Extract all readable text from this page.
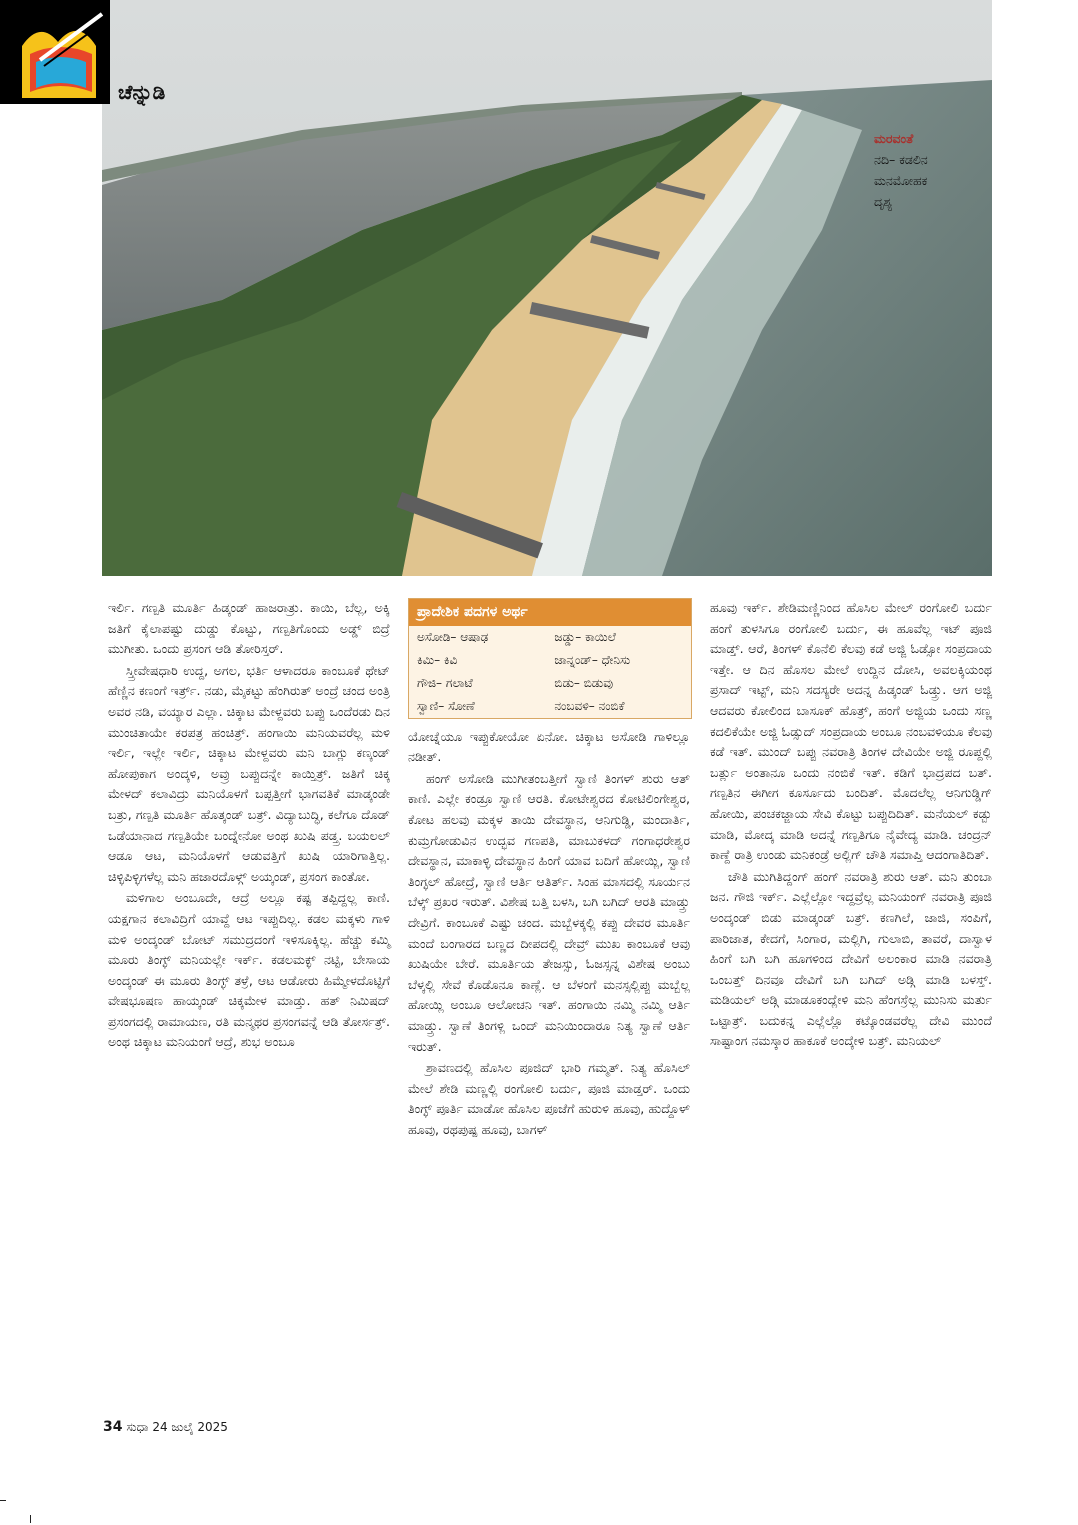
ಚೆನ್ನುಡಿ
ಮರವಂತೆ
ನದಿ– ಕಡಲಿನ
ಮನಮೋಹಕ
ದೃಶ್ಯ

ಇರ್ಲಿ. ಗಣ್ಪತಿ ಮೂರ್ತಿ ಹಿಡ್ಕಂಡ್ ಹಾಜರಾತ್ರು. ಕಾಯಿ, ಬೆಲ್ಲ, ಅಕ್ಕಿ ಜತಿಗೆ ಕೈಲಾಪಷ್ಟು ದುಡ್ಡು ಕೊಟ್ಟು, ಗಣ್ಪತಿಗೊಂದು ಅಡ್ಡ್ ಬಿದ್ರೆ ಮುಗೀತು. ಒಂದು ಪ್ರಸಂಗ ಆಡಿ ತೋರಿಸ್ತರ್.

ಸ್ತ್ರೀವೇಷಧಾರಿ ಉದ್ದ, ಅಗಲ, ಭರ್ತಿ ಆಳಾದರೂ ಕಾಂಬೂಕೆ ಥೇಟ್ ಹೆಣ್ಣಿನ ಕಣಂಗೆ ಇರ್ತ್ರ್. ನಡು, ಮೈಕಟ್ಟು ಹೆಂಗಿರುತ್ ಅಂದ್ರೆ ಚಂದ ಅಂತ್ರಿ ಅವರ ನಡಿ, ವಯ್ಯಾರ ಎಲ್ಲಾ. ಚಿಕ್ಕಾಟ ಮೇಳ್ದವರು ಬಪ್ಪು ಒಂದೆರಡು ದಿನ ಮುಂಚಿತಾಯೇ ಕರಪತ್ರ ಹಂಚಿತ್ರ್. ಹಂಗಾಯಿ ಮನಿಯವರೆಲ್ಲ ಮಳಿ ಇರ್ಲಿ, ಇಲ್ಲೇ ಇರ್ಲಿ, ಚಿಕ್ಕಾಟ ಮೇಳ್ದವರು ಮನಿ ಬಾಗ್ಲು ಕಣ್ಕಂಡ್ ಹೋಪುಕಾಗ ಅಂದ್ಕಳಿ, ಅವ್ರು ಬಪ್ಪುದನ್ನೇ ಕಾಯ್ತಿತ್ರ್. ಜತಿಗೆ ಚಿಕ್ಕ ಮೇಳದ್ ಕಲಾವಿದ್ರು ಮನಿಯೊಳಗೆ ಬಪ್ಪತ್ತೀಗೆ ಭಾಗವತಿಕೆ ಮಾಡ್ಕಂಡೇ ಬತ್ರು, ಗಣ್ಪತಿ ಮೂರ್ತಿ ಹೊತ್ಕಂಡ್ ಬತ್ರ್. ವಿದ್ಯಾಬುದ್ಧಿ, ಕಲೆಗೂ ದೊಡ್ ಒಡೆಯಾನಾದ ಗಣ್ಪತಿಯೇ ಬಂದ್ನೇನೋ ಅಂಥ ಖುಷಿ ಪಡ್ತ್ರ. ಬಯಲಲ್ ಆಡೂ ಆಟ, ಮನಿಯೊಳಗೆ ಆಡುವತ್ತಿಗೆ ಖುಷಿ ಯಾರಿಗಾತ್ತಿಲ್ಲ. ಚಿಳ್ಳಿಪಿಳ್ಳಿಗಳೆಲ್ಲ ಮನಿ ಹಜಾರದೊಳ್ಗ್ ಅಯ್ಕಂಡ್, ಪ್ರಸಂಗ ಕಾಂತೋ.

ಮಳಿಗಾಲ ಅಂಬೂದೇ, ಆದ್ರೆ ಅಲ್ಲೂ ಕಷ್ಟ ತಪ್ಪಿದ್ದಲ್ಲ ಕಾಣಿ. ಯಕ್ಷಗಾನ ಕಲಾವಿದ್ರಿಗೆ ಯಾವ್ದೆ ಆಟ ಇಪ್ಪುದಿಲ್ಲ. ಕಡಲ ಮಕ್ಕಳು ಗಾಳಿ ಮಳಿ ಅಂದ್ಕಂಡ್ ಬೋಟ್ ಸಮುದ್ರದಂಗೆ ಇಳಿಸೂಕ್ಕಿಲ್ಲ. ಹೆಚ್ಚು ಕಮ್ಮಿ ಮೂರು ತಿಂಗ್ಳ್ ಮನಿಯಲ್ಲೇ ಇರ್ಕ್. ಕಡಲಮಕ್ಳ್ ನಟ್ಟಿ, ಬೇಸಾಯ ಅಂದ್ಕಂಡ್ ಈ ಮೂರು ತಿಂಗ್ಳ್ ತಳ್ರೆ, ಆಟ ಆಡೋರು ಹಿಮ್ಮೇಳದೊಟ್ಟಿಗೆ ವೇಷಭೂಷಣ ಹಾಯ್ಕಂಡ್ ಚಿಕ್ಕಮೇಳ ಮಾಡ್ತು. ಹತ್ ನಿಮಿಷದ್ ಪ್ರಸಂಗದಲ್ಲಿ ರಾಮಾಯಣ, ರತಿ ಮನ್ಮಥರ ಪ್ರಸಂಗವನ್ನೆ ಆಡಿ ತೋರ್ಸತ್ರ್. ಅಂಥ ಚಿಕ್ಕಾಟ ಮನಿಯಂಗೆ ಆದ್ರೆ, ಶುಭ ಅಂಬೂ

ಪ್ರಾದೇಶಿಕ ಪದಗಳ ಅರ್ಥ
ಅಸೋಡಿ– ಆಷಾಢ	ಜಡ್ಡು– ಕಾಯಿಲೆ
ಕಿಮಿ– ಕಿವಿ	ಜಾನ್ನಂಡ್– ಧೇನಿಸು
ಗೌಜಿ– ಗಲಾಟೆ	ಬಿಡು– ಬಿಡುವು
ಸ್ವಾಣಿ– ಸೋಣೆ	ನಂಬವಳಿ– ನಂಬಿಕೆ

ಯೋಚ್ನೆಯೂ ಇಪ್ಪುಕೋಯೋ ಏನೋ. ಚಿಕ್ಕಾಟ ಅಸೋಡಿ ಗಾಳಿಲ್ಲೂ ನಡೀತ್.

ಹಂಗ್ ಅಸೋಡಿ ಮುಗೀತಂಬತ್ತೀಗೆ ಸ್ವಾಣಿ ತಿಂಗಳ್ ಶುರು ಆತ್ ಕಾಣಿ. ಎಲ್ಲೇ ಕಂಡ್ರೂ ಸ್ವಾಣಿ ಆರತಿ. ಕೋಟೇಶ್ವರದ ಕೋಟಿಲಿಂಗೇಶ್ವರ, ಕೋಟ ಹಲವು ಮಕ್ಕಳ ತಾಯಿ ದೇವಸ್ಥಾನ, ಆನಿಗುಡ್ಡಿ, ಮಂದಾರ್ತಿ, ಕುಮ್ರಗೋಡುವಿನ ಉದ್ಭವ ಗಣಪತಿ, ಮಾಬುಕಳದ್ ಗಂಗಾಧರೇಶ್ವರ ದೇವಸ್ಥಾನ, ಮಾಕಾಳ್ಳಿ ದೇವಸ್ಥಾನ ಹಿಂಗೆ ಯಾವ ಬದಿಗೆ ಹೋಯ್ಲಿ, ಸ್ವಾಣಿ ತಿಂಗ್ಳಲ್ ಹೋದ್ರೆ, ಸ್ವಾಣಿ ಆರ್ತಿ ಆತಿರ್ತ್. ಸಿಂಹ ಮಾಸದಲ್ಲಿ ಸೂರ್ಯನ ಬೆಳ್ಕ್ ಪ್ರಖರ ಇರುತ್. ವಿಶೇಷ ಬತ್ತಿ ಬಳಸಿ, ಬಗಿ ಬಗಿದ್ ಆರತಿ ಮಾಡ್ತ್ರು ದೇವ್ರಿಗೆ. ಕಾಂಬೂಕೆ ಎಷ್ಟು ಚಂದ. ಮಬ್ಬೆಳಕ್ಕಲ್ಲಿ ಕಪ್ಪು ದೇವರ ಮೂರ್ತಿ ಮಂದೆ ಬಂಗಾರದ ಬಣ್ಣದ ದೀಪದಲ್ಲಿ ದೇವ್ರ್ ಮುಖ ಕಾಂಬೂಕೆ ಆವು ಖುಷಿಯೇ ಬೇರೆ. ಮೂರ್ತಿಯ ತೇಜಸ್ಸು, ಓಜಸ್ಸನ್ನ ವಿಶೇಷ ಅಂಬು ಬೆಳ್ಕಲ್ಲಿ ಸೇವೆ ಕೊಡೊನೂ ಕಾಣ್ಲೆ. ಆ ಬೆಳಂಗೆ ಮನಸ್ಸಲ್ಲಿಪ್ಪು ಮಬ್ಬೆಲ್ಲ ಹೋಯ್ಲಿ ಅಂಬೂ ಆಲೋಚನಿ ಇತ್. ಹಂಗಾಯಿ ನಮ್ಮಿ ನಮ್ಮಿ ಆರ್ತಿ ಮಾಡ್ತ್ರು. ಸ್ವಾಣೆ ತಿಂಗಳ್ಲಿ ಒಂದ್ ಮನಿಯಿಂದಾರೂ ನಿತ್ಯ ಸ್ವಾಣೆ ಆರ್ತಿ ಇರುತ್.

ಶ್ರಾವಣದಲ್ಲಿ ಹೊಸಿಲ ಪೂಜಿದ್ ಭಾರಿ ಗಮ್ಮತ್. ನಿತ್ಯ ಹೊಸಿಲ್ ಮೇಲೆ ಶೇಡಿ ಮಣ್ಣಲ್ಲಿ ರಂಗೋಲಿ ಬರ್ದು, ಪೂಜಿ ಮಾಡ್ತರ್. ಒಂದು ತಿಂಗ್ಳ್ ಪೂರ್ತಿ ಮಾಡೋ ಹೊಸಿಲ ಪೂಜೆಗೆ ಹುರುಳಿ ಹೂವು, ಹುದ್ದೊಳ್ ಹೂವು, ರಥಪುಷ್ಪ ಹೂವು, ಬಾಗಳ್

ಹೂವು ಇರ್ಕ್. ಶೇಡಿಮಣ್ಣಿನಿಂದ ಹೊಸಿಲ ಮೇಲ್ ರಂಗೋಲಿ ಬರ್ದು ಹಂಗೆ ತುಳಸಿಗೂ ರಂಗೋಲಿ ಬರ್ದು, ಈ ಹೂವೆಲ್ಲ ಇಟ್ ಪೂಜಿ ಮಾಡ್ತ್. ಆರೆ, ತಿಂಗಳ್ ಕೊನೆಲಿ ಕೆಲವು ಕಡೆ ಅಜ್ಜಿ ಓಡ್ಸೋ ಸಂಪ್ರದಾಯ ಇತ್ತೇ. ಆ ದಿನ ಹೊಸಲ ಮೇಲೆ ಉದ್ದಿನ ದೋಸಿ, ಅವಲಕ್ಕಿಯಂಥ ಪ್ರಸಾದ್ ಇಟ್ಟ್, ಮನಿ ಸದಸ್ಯರೇ ಅದನ್ನ ಹಿಡ್ಕಂಡ್ ಓಡ್ತ್ರು. ಆಗ ಅಜ್ಜಿ ಆದವರು ಕೋಲಿಂದ ಬಾಸೂಕ್ ಹೊತ್ರ್, ಹಂಗೆ ಅಜ್ಜಿಯ ಒಂದು ಸಣ್ಣ ಕದಲಿಕೆಯೇ ಅಜ್ಜಿ ಓಡ್ಸುದ್ ಸಂಪ್ರದಾಯ ಅಂಬೂ ನಂಬವಳಿಯೂ ಕೆಲವು ಕಡೆ ಇತ್. ಮುಂದ್ ಬಪ್ಪು ನವರಾತ್ರಿ ತಿಂಗಳ ದೇವಿಯೇ ಅಜ್ಜಿ ರೂಪ್ದಲ್ಲಿ ಬರ್ತ್ಲು ಅಂತಾನೂ ಒಂದು ನಂಬಿಕೆ ಇತ್. ಕಡಿಗೆ ಭಾದ್ರಪದ ಬತ್. ಗಣ್ಪತಿನ ಈಗೀಗ ಕೂರ್ಸೂದು ಬಂದಿತ್. ಮೊದಲೆಲ್ಲ ಆನಿಗುಡ್ಡಿಗ್ ಹೋಯಿ, ಪಂಚಕಜ್ಜಾಯ ಸೇವಿ ಕೊಟ್ಟು ಬಪ್ಪುದಿದಿತ್. ಮನೆಯಲ್ ಕಡ್ಬು ಮಾಡಿ, ಮೋದ್ಕ ಮಾಡಿ ಅದನ್ನೆ ಗಣ್ಪತಿಗೂ ನೈವೇದ್ಯ ಮಾಡಿ. ಚಂದ್ರನ್ ಕಾಣ್ದೆ ರಾತ್ರಿ ಉಂಡು ಮನಿಕಂಡ್ರೆ ಅಲ್ಲಿಗ್ ಚೌತಿ ಸಮಾಪ್ತಿ ಆದಂಗಾತಿದಿತ್.

ಚೌತಿ ಮುಗಿತಿದ್ದಂಗ್ ಹಂಗ್ ನವರಾತ್ರಿ ಶುರು ಆತ್. ಮನಿ ತುಂಬಾ ಜನ. ಗೌಜಿ ಇರ್ಕ್. ಎಲ್ಲೆಲ್ಲೋ ಇದ್ದವ್ರೆಲ್ಲ ಮನಿಯಂಗ್ ನವರಾತ್ರಿ ಪೂಜಿ ಅಂದ್ಕಂಡ್ ಬಿಡು ಮಾಡ್ಕಂಡ್ ಬತ್ರ್. ಕಣಗಿಲೆ, ಜಾಜಿ, ಸಂಪಿಗೆ, ಪಾರಿಜಾತ, ಕೇದಗೆ, ಸಿಂಗಾರ, ಮಲ್ಲಿಗಿ, ಗುಲಾಬಿ, ತಾವರೆ, ದಾಸ್ವಾಳ ಹಿಂಗೆ ಬಗಿ ಬಗಿ ಹೂಗಳಿಂದ ದೇವಿಗೆ ಅಲಂಕಾರ ಮಾಡಿ ನವರಾತ್ರಿ ಒಂಬತ್ತ್ ದಿನವೂ ದೇವಿಗೆ ಬಗಿ ಬಗಿದ್ ಅಡ್ಗಿ ಮಾಡಿ ಬಳಸ್ತ್. ಮಡಿಯಲ್ ಅಡ್ಗಿ ಮಾಡೂಕಂದ್ಲೇಳಿ ಮನಿ ಹೆಂಗಸ್ರೆಲ್ಲ ಮುನಿಸು ಮರ್ತು ಒಟ್ಟಾತ್ರ್. ಬದುಕನ್ನ ಎಲ್ಲೆಲ್ಲೊ ಕಟ್ಕೊಂಡವರೆಲ್ಲ ದೇವಿ ಮುಂದೆ ಸಾಷ್ಟಾಂಗ ನಮಸ್ಕಾರ ಹಾಕೂಕೆ ಅಂದ್ಕೇಳಿ ಬತ್ರ್. ಮನಿಯಲ್

34 ಸುಧಾ 24 ಜುಲೈ 2025
